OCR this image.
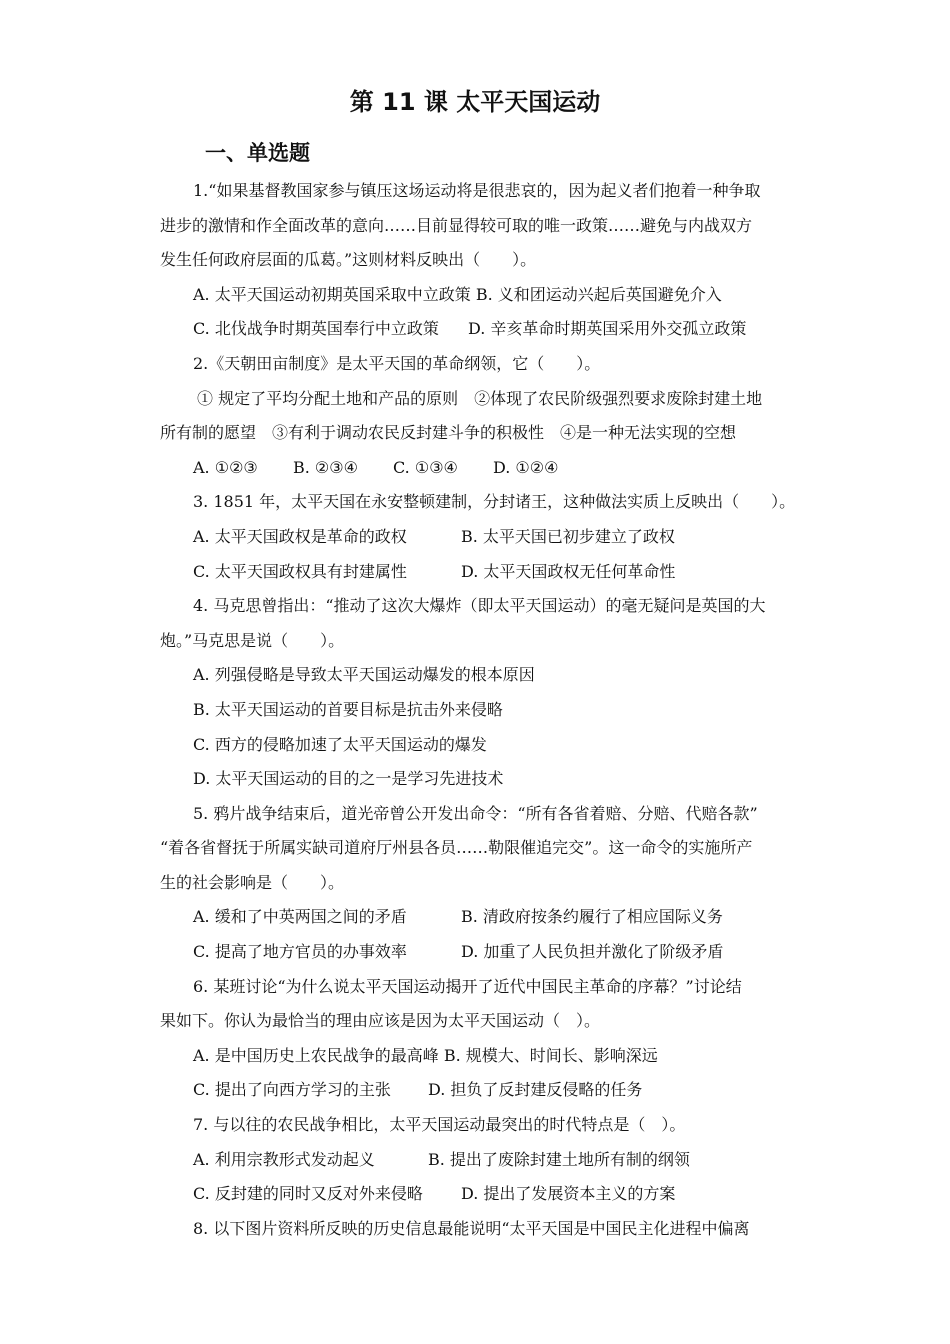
第 11 课 太平天国运动
一、单选题
1.“如果基督教国家参与镇压这场运动将是很悲哀的，因为起义者们抱着一种争取
进步的激情和作全面改革的意向……目前显得较可取的唯一政策……避免与内战双方
发生任何政府层面的瓜葛。”这则材料反映出（　　）。
A. 太平天国运动初期英国采取中立政策 B. 义和团运动兴起后英国避免介入
C. 北伐战争时期英国奉行中立政策 D. 辛亥革命时期英国采用外交孤立政策
2.《天朝田亩制度》是太平天国的革命纲领，它（　　）。
① 规定了平均分配土地和产品的原则　②体现了农民阶级强烈要求废除封建土地
所有制的愿望　③有利于调动农民反封建斗争的积极性　④是一种无法实现的空想
A. ①②③ B. ②③④ C. ①③④ D. ①②④
3. 1851 年，太平天国在永安整顿建制，分封诸王，这种做法实质上反映出（　　）。
A. 太平天国政权是革命的政权	B. 太平天国已初步建立了政权
C. 太平天国政权具有封建属性	D. 太平天国政权无任何革命性
4. 马克思曾指出：“推动了这次大爆炸（即太平天国运动）的毫无疑问是英国的大
炮。”马克思是说（　　）。
A. 列强侵略是导致太平天国运动爆发的根本原因
B. 太平天国运动的首要目标是抗击外来侵略
C. 西方的侵略加速了太平天国运动的爆发
D. 太平天国运动的目的之一是学习先进技术
5. 鸦片战争结束后，道光帝曾公开发出命令：“所有各省着赔、分赔、代赔各款”
“着各省督抚于所属实缺司道府厅州县各员……勒限催追完交”。这一命令的实施所产
生的社会影响是（　　）。
A. 缓和了中英两国之间的矛盾	B. 清政府按条约履行了相应国际义务
C. 提高了地方官员的办事效率	D. 加重了人民负担并激化了阶级矛盾
6. 某班讨论“为什么说太平天国运动揭开了近代中国民主革命的序幕？”讨论结
果如下。你认为最恰当的理由应该是因为太平天国运动（　）。
A. 是中国历史上农民战争的最高峰 B. 规模大、时间长、影响深远
C. 提出了向西方学习的主张 D. 担负了反封建反侵略的任务
7. 与以往的农民战争相比，太平天国运动最突出的时代特点是（　）。
A. 利用宗教形式发动起义	B. 提出了废除封建土地所有制的纲领
C. 反封建的同时又反对外来侵略 D. 提出了发展资本主义的方案
8. 以下图片资料所反映的历史信息最能说明“太平天国是中国民主化进程中偏离
